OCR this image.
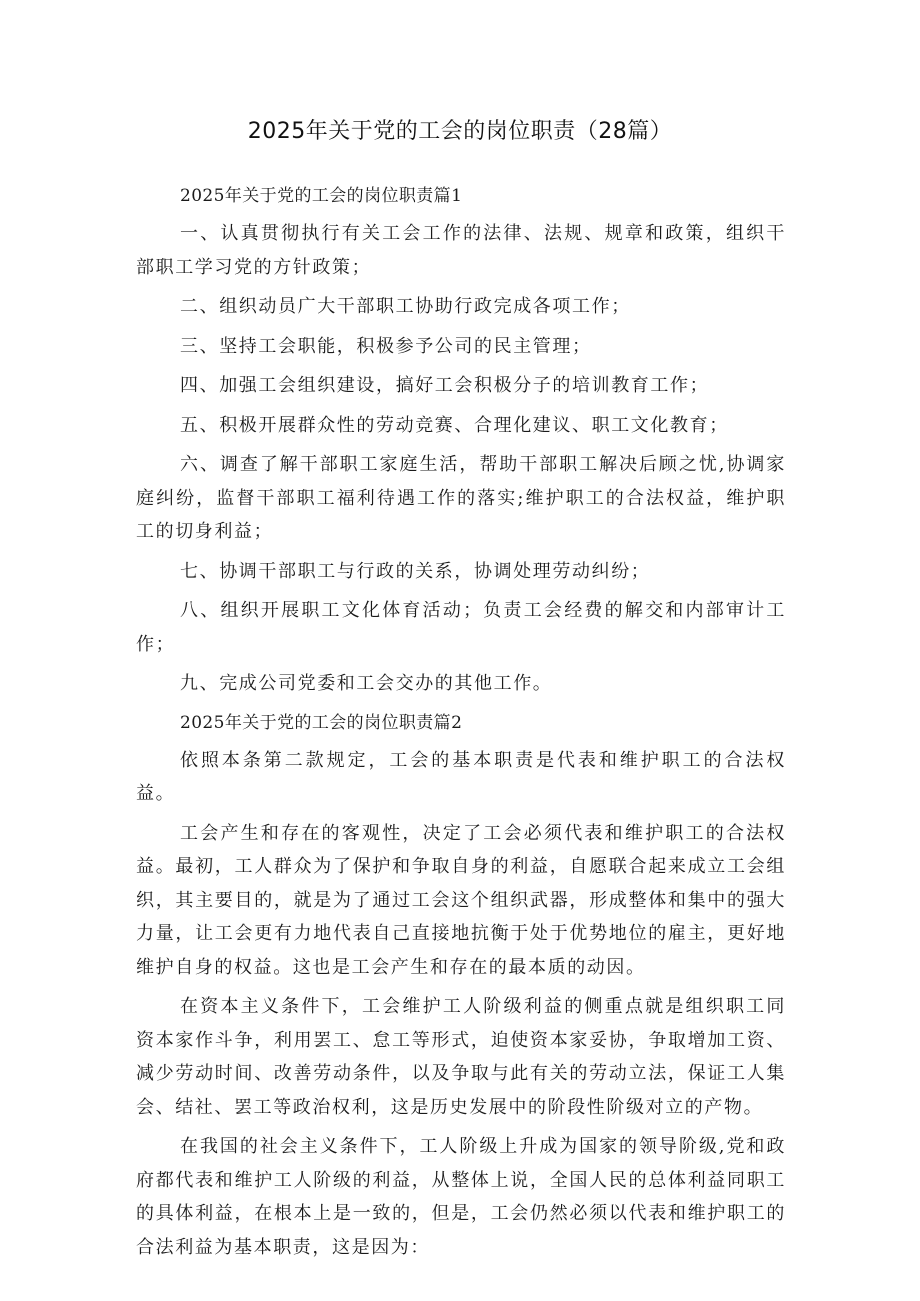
2025年关于党的工会的岗位职责（28篇）
2025年关于党的工会的岗位职责篇1

一、认真贯彻执行有关工会工作的法律、法规、规章和政策，组织干部职工学习党的方针政策；

二、组织动员广大干部职工协助行政完成各项工作；

三、坚持工会职能，积极参予公司的民主管理；

四、加强工会组织建设，搞好工会积极分子的培训教育工作；

五、积极开展群众性的劳动竞赛、合理化建议、职工文化教育；

六、调查了解干部职工家庭生活，帮助干部职工解决后顾之忧,协调家庭纠纷，监督干部职工福利待遇工作的落实;维护职工的合法权益，维护职工的切身利益；

七、协调干部职工与行政的关系，协调处理劳动纠纷；

八、组织开展职工文化体育活动；负责工会经费的解交和内部审计工作；

九、完成公司党委和工会交办的其他工作。

2025年关于党的工会的岗位职责篇2

依照本条第二款规定，工会的基本职责是代表和维护职工的合法权益。

工会产生和存在的客观性，决定了工会必须代表和维护职工的合法权益。最初，工人群众为了保护和争取自身的利益，自愿联合起来成立工会组织，其主要目的，就是为了通过工会这个组织武器，形成整体和集中的强大力量，让工会更有力地代表自己直接地抗衡于处于优势地位的雇主，更好地维护自身的权益。这也是工会产生和存在的最本质的动因。

在资本主义条件下，工会维护工人阶级利益的侧重点就是组织职工同资本家作斗争，利用罢工、怠工等形式，迫使资本家妥协，争取增加工资、减少劳动时间、改善劳动条件，以及争取与此有关的劳动立法，保证工人集会、结社、罢工等政治权利，这是历史发展中的阶段性阶级对立的产物。

在我国的社会主义条件下，工人阶级上升成为国家的领导阶级,党和政府都代表和维护工人阶级的利益，从整体上说，全国人民的总体利益同职工的具体利益，在根本上是一致的，但是，工会仍然必须以代表和维护职工的合法利益为基本职责，这是因为：
